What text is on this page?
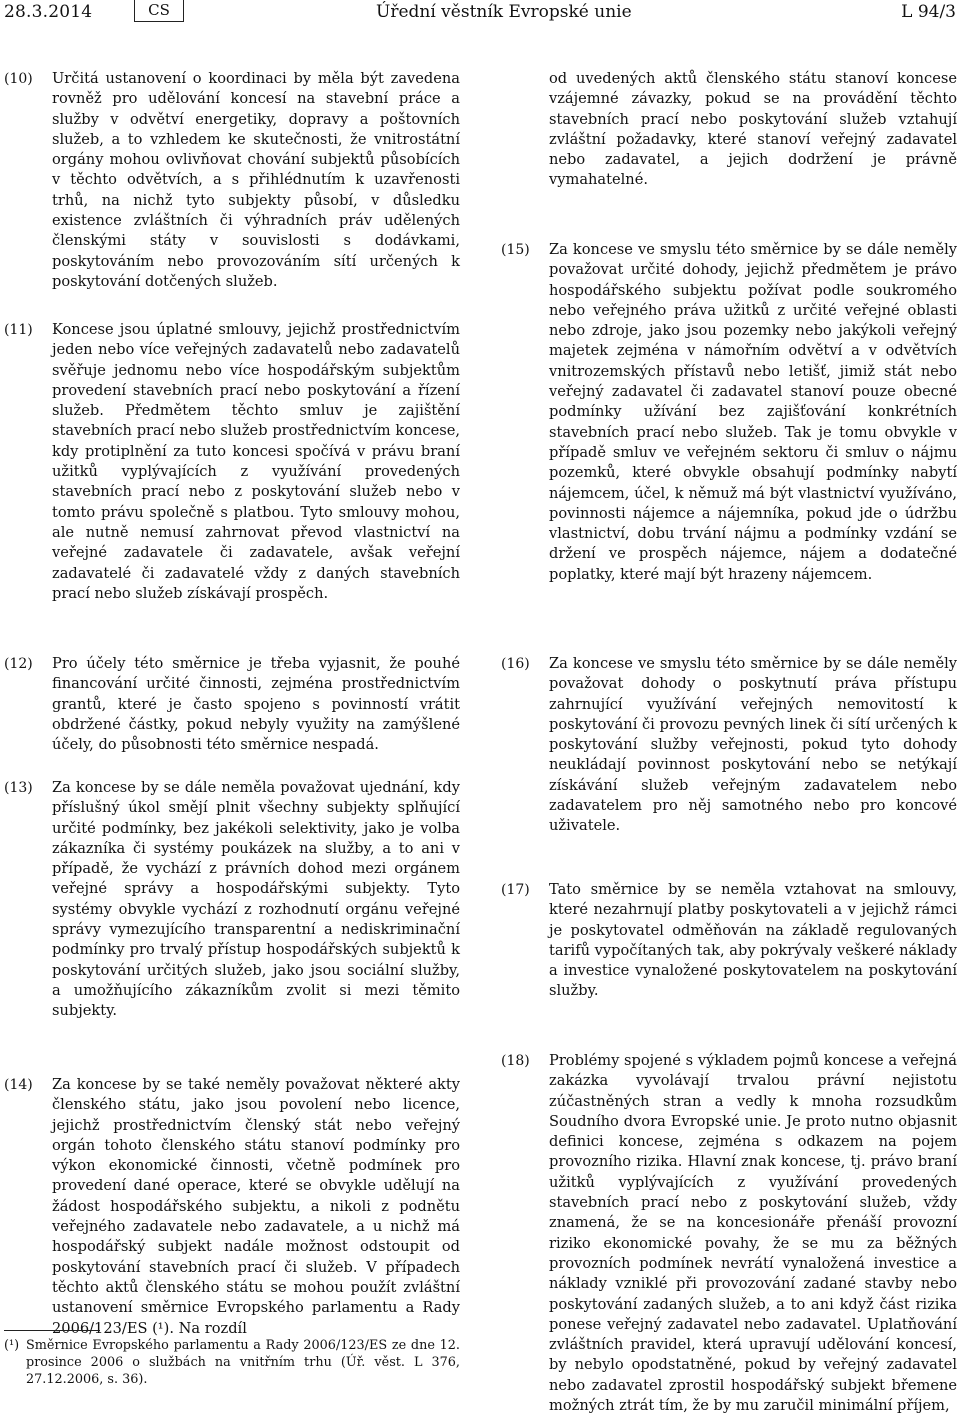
28.3.2014	CS	Úřední věstník Evropské unie	L 94/3
(10)	Určitá ustanovení o koordinaci by měla být zavedena rovněž pro udělování koncesí na stavební práce a služby v odvětví energetiky, dopravy a poštovních služeb, a to vzhledem ke skutečnosti, že vnitrostátní orgány mohou ovlivňovat chování subjektů působících v těchto odvětvích, a s přihlédnutím k uzavřenosti trhů, na nichž tyto subjekty působí, v důsledku existence zvláštních či výhradních práv udělených členskými státy v souvislosti s dodávkami, poskytováním nebo provozováním sítí určených k poskytování dotčených služeb.
(11)	Koncese jsou úplatné smlouvy, jejichž prostřednictvím jeden nebo více veřejných zadavatelů nebo zadavatelů svěřuje jednomu nebo více hospodářským subjektům provedení stavebních prací nebo poskytování a řízení služeb. Předmětem těchto smluv je zajištění stavebních prací nebo služeb prostřednictvím koncese, kdy protiplnění za tuto koncesi spočívá v právu braní užitků vyplývajících z využívání provedených stavebních prací nebo z poskytování služeb nebo v tomto právu společně s platbou. Tyto smlouvy mohou, ale nutně nemusí zahrnovat převod vlastnictví na veřejné zadavatele či zadavatele, avšak veřejní zadavatelé či zadavatelé vždy z daných stavebních prací nebo služeb získávají prospěch.
(12)	Pro účely této směrnice je třeba vyjasnit, že pouhé financování určité činnosti, zejména prostřednictvím grantů, které je často spojeno s povinností vrátit obdržené částky, pokud nebyly využity na zamýšlené účely, do působnosti této směrnice nespadá.
(13)	Za koncese by se dále neměla považovat ujednání, kdy příslušný úkol smějí plnit všechny subjekty splňující určité podmínky, bez jakékoli selektivity, jako je volba zákazníka či systémy poukázek na služby, a to ani v případě, že vychází z právních dohod mezi orgánem veřejné správy a hospodářskými subjekty. Tyto systémy obvykle vychází z rozhodnutí orgánu veřejné správy vymezujícího transparentní a nediskriminační podmínky pro trvalý přístup hospodářských subjektů k poskytování určitých služeb, jako jsou sociální služby, a umožňujícího zákazníkům zvolit si mezi těmito subjekty.
(14)	Za koncese by se také neměly považovat některé akty členského státu, jako jsou povolení nebo licence, jejichž prostřednictvím členský stát nebo veřejný orgán tohoto členského státu stanoví podmínky pro výkon ekonomické činnosti, včetně podmínek pro provedení dané operace, které se obvykle udělují na žádost hospodářského subjektu, a nikoli z podnětu veřejného zadavatele nebo zadavatele, a u nichž má hospodářský subjekt nadále možnost odstoupit od poskytování stavebních prací či služeb. V případech těchto aktů členského státu se mohou použít zvláštní ustanovení směrnice Evropského parlamentu a Rady 2006/123/ES (¹). Na rozdíl
(¹) Směrnice Evropského parlamentu a Rady 2006/123/ES ze dne 12. prosince 2006 o službách na vnitřním trhu (Úř. věst. L 376, 27.12.2006, s. 36).
od uvedených aktů členského státu stanoví koncese vzájemné závazky, pokud se na provádění těchto stavebních prací nebo poskytování služeb vztahují zvláštní požadavky, které stanoví veřejný zadavatel nebo zadavatel, a jejich dodržení je právně vymahatelné.
(15)	Za koncese ve smyslu této směrnice by se dále neměly považovat určité dohody, jejichž předmětem je právo hospodářského subjektu požívat podle soukromého nebo veřejného práva užitků z určité veřejné oblasti nebo zdroje, jako jsou pozemky nebo jakýkoli veřejný majetek zejména v námořním odvětví a v odvětvích vnitrozemských přístavů nebo letišť, jimiž stát nebo veřejný zadavatel či zadavatel stanoví pouze obecné podmínky užívání bez zajišťování konkrétních stavebních prací nebo služeb. Tak je tomu obvykle v případě smluv ve veřejném sektoru či smluv o nájmu pozemků, které obvykle obsahují podmínky nabytí nájemcem, účel, k němuž má být vlastnictví využíváno, povinnosti nájemce a nájemníka, pokud jde o údržbu vlastnictví, dobu trvání nájmu a podmínky vzdání se držení ve prospěch nájemce, nájem a dodatečné poplatky, které mají být hrazeny nájemcem.
(16)	Za koncese ve smyslu této směrnice by se dále neměly považovat dohody o poskytnutí práva přístupu zahrnující využívání veřejných nemovitostí k poskytování či provozu pevných linek či sítí určených k poskytování služby veřejnosti, pokud tyto dohody neukládají povinnost poskytování nebo se netýkají získávání služeb veřejným zadavatelem nebo zadavatelem pro něj samotného nebo pro koncové uživatele.
(17)	Tato směrnice by se neměla vztahovat na smlouvy, které nezahrnují platby poskytovateli a v jejichž rámci je poskytovatel odměňován na základě regulovaných tarifů vypočítaných tak, aby pokrývaly veškeré náklady a investice vynaložené poskytovatelem na poskytování služby.
(18)	Problémy spojené s výkladem pojmů koncese a veřejná zakázka vyvolávají trvalou právní nejistotu zúčastněných stran a vedly k mnoha rozsudkům Soudního dvora Evropské unie. Je proto nutno objasnit definici koncese, zejména s odkazem na pojem provozního rizika. Hlavní znak koncese, tj. právo braní užitků vyplývajících z využívání provedených stavebních prací nebo z poskytování služeb, vždy znamená, že se na koncesionáře přenáší provozní riziko ekonomické povahy, že se mu za běžných provozních podmínek nevrátí vynaložená investice a náklady vzniklé při provozování zadané stavby nebo poskytování zadaných služeb, a to ani když část rizika ponese veřejný zadavatel nebo zadavatel. Uplatňování zvláštních pravidel, která upravují udělování koncesí, by nebylo opodstatněné, pokud by veřejný zadavatel nebo zadavatel zprostil hospodářský subjekt břemene možných ztrát tím, že by mu zaručil minimální příjem,
